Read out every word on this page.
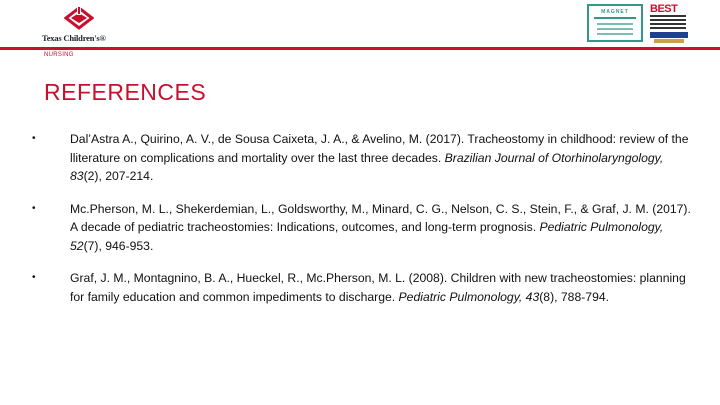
Texas Children's®
MAGNET	BEST
NURSING
REFERENCES
•	Dal’Astra A., Quirino, A. V., de Sousa Caixeta, J. A., & Avelino, M. (2017). Tracheostomy in childhood: review of the lliterature on complications and mortality over the last three decades. Brazilian Journal of Otorhinolaryngology, 83(2), 207-214.
•	Mc.Pherson, M. L., Shekerdemian, L., Goldsworthy, M., Minard, C. G., Nelson, C. S., Stein, F., & Graf, J. M. (2017). A decade of pediatric tracheostomies: Indications, outcomes, and long-term prognosis. Pediatric Pulmonology, 52(7), 946-953.
•	Graf, J. M., Montagnino, B. A., Hueckel, R., Mc.Pherson, M. L. (2008). Children with new tracheostomies: planning for family education and common impediments to discharge. Pediatric Pulmonology, 43(8), 788-794.
